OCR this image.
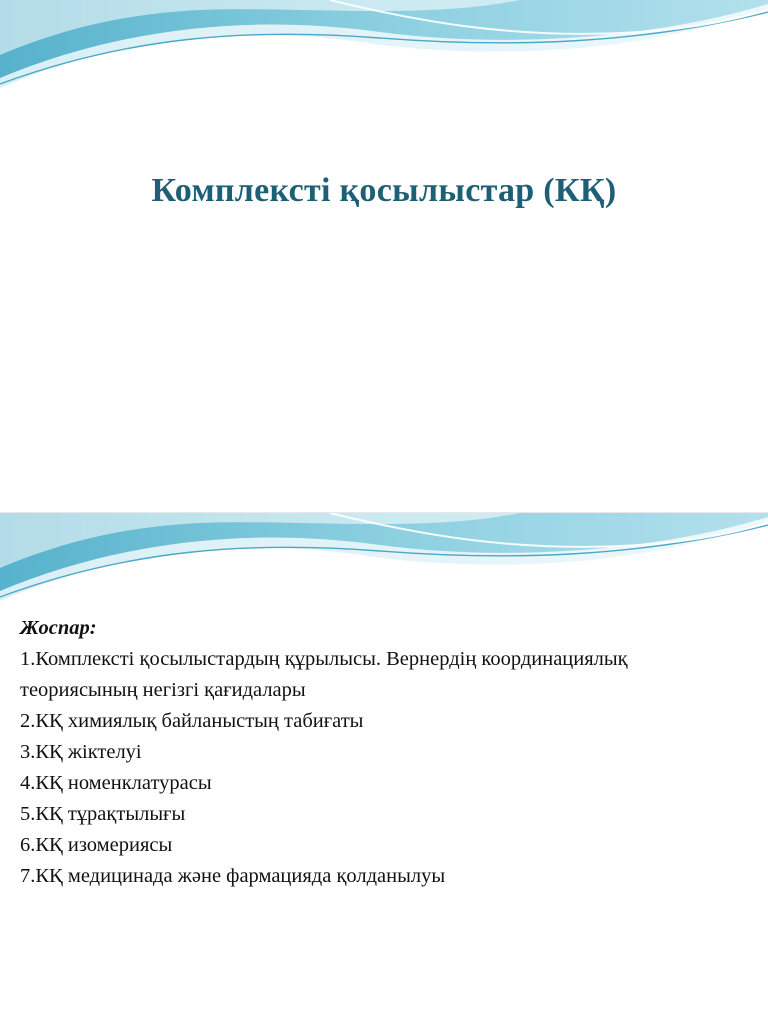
Комплексті қосылыстар (КҚ)
Жоспар:
1.Комплексті қосылыстардың құрылысы. Вернердің координациялық теориясының негізгі қағидалары
2.КҚ химиялық байланыстың табиғаты
3.КҚ жіктелуі
4.КҚ номенклатурасы
5.КҚ тұрақтылығы
6.КҚ изомериясы
7.КҚ медицинада және фармацияда қолданылуы
